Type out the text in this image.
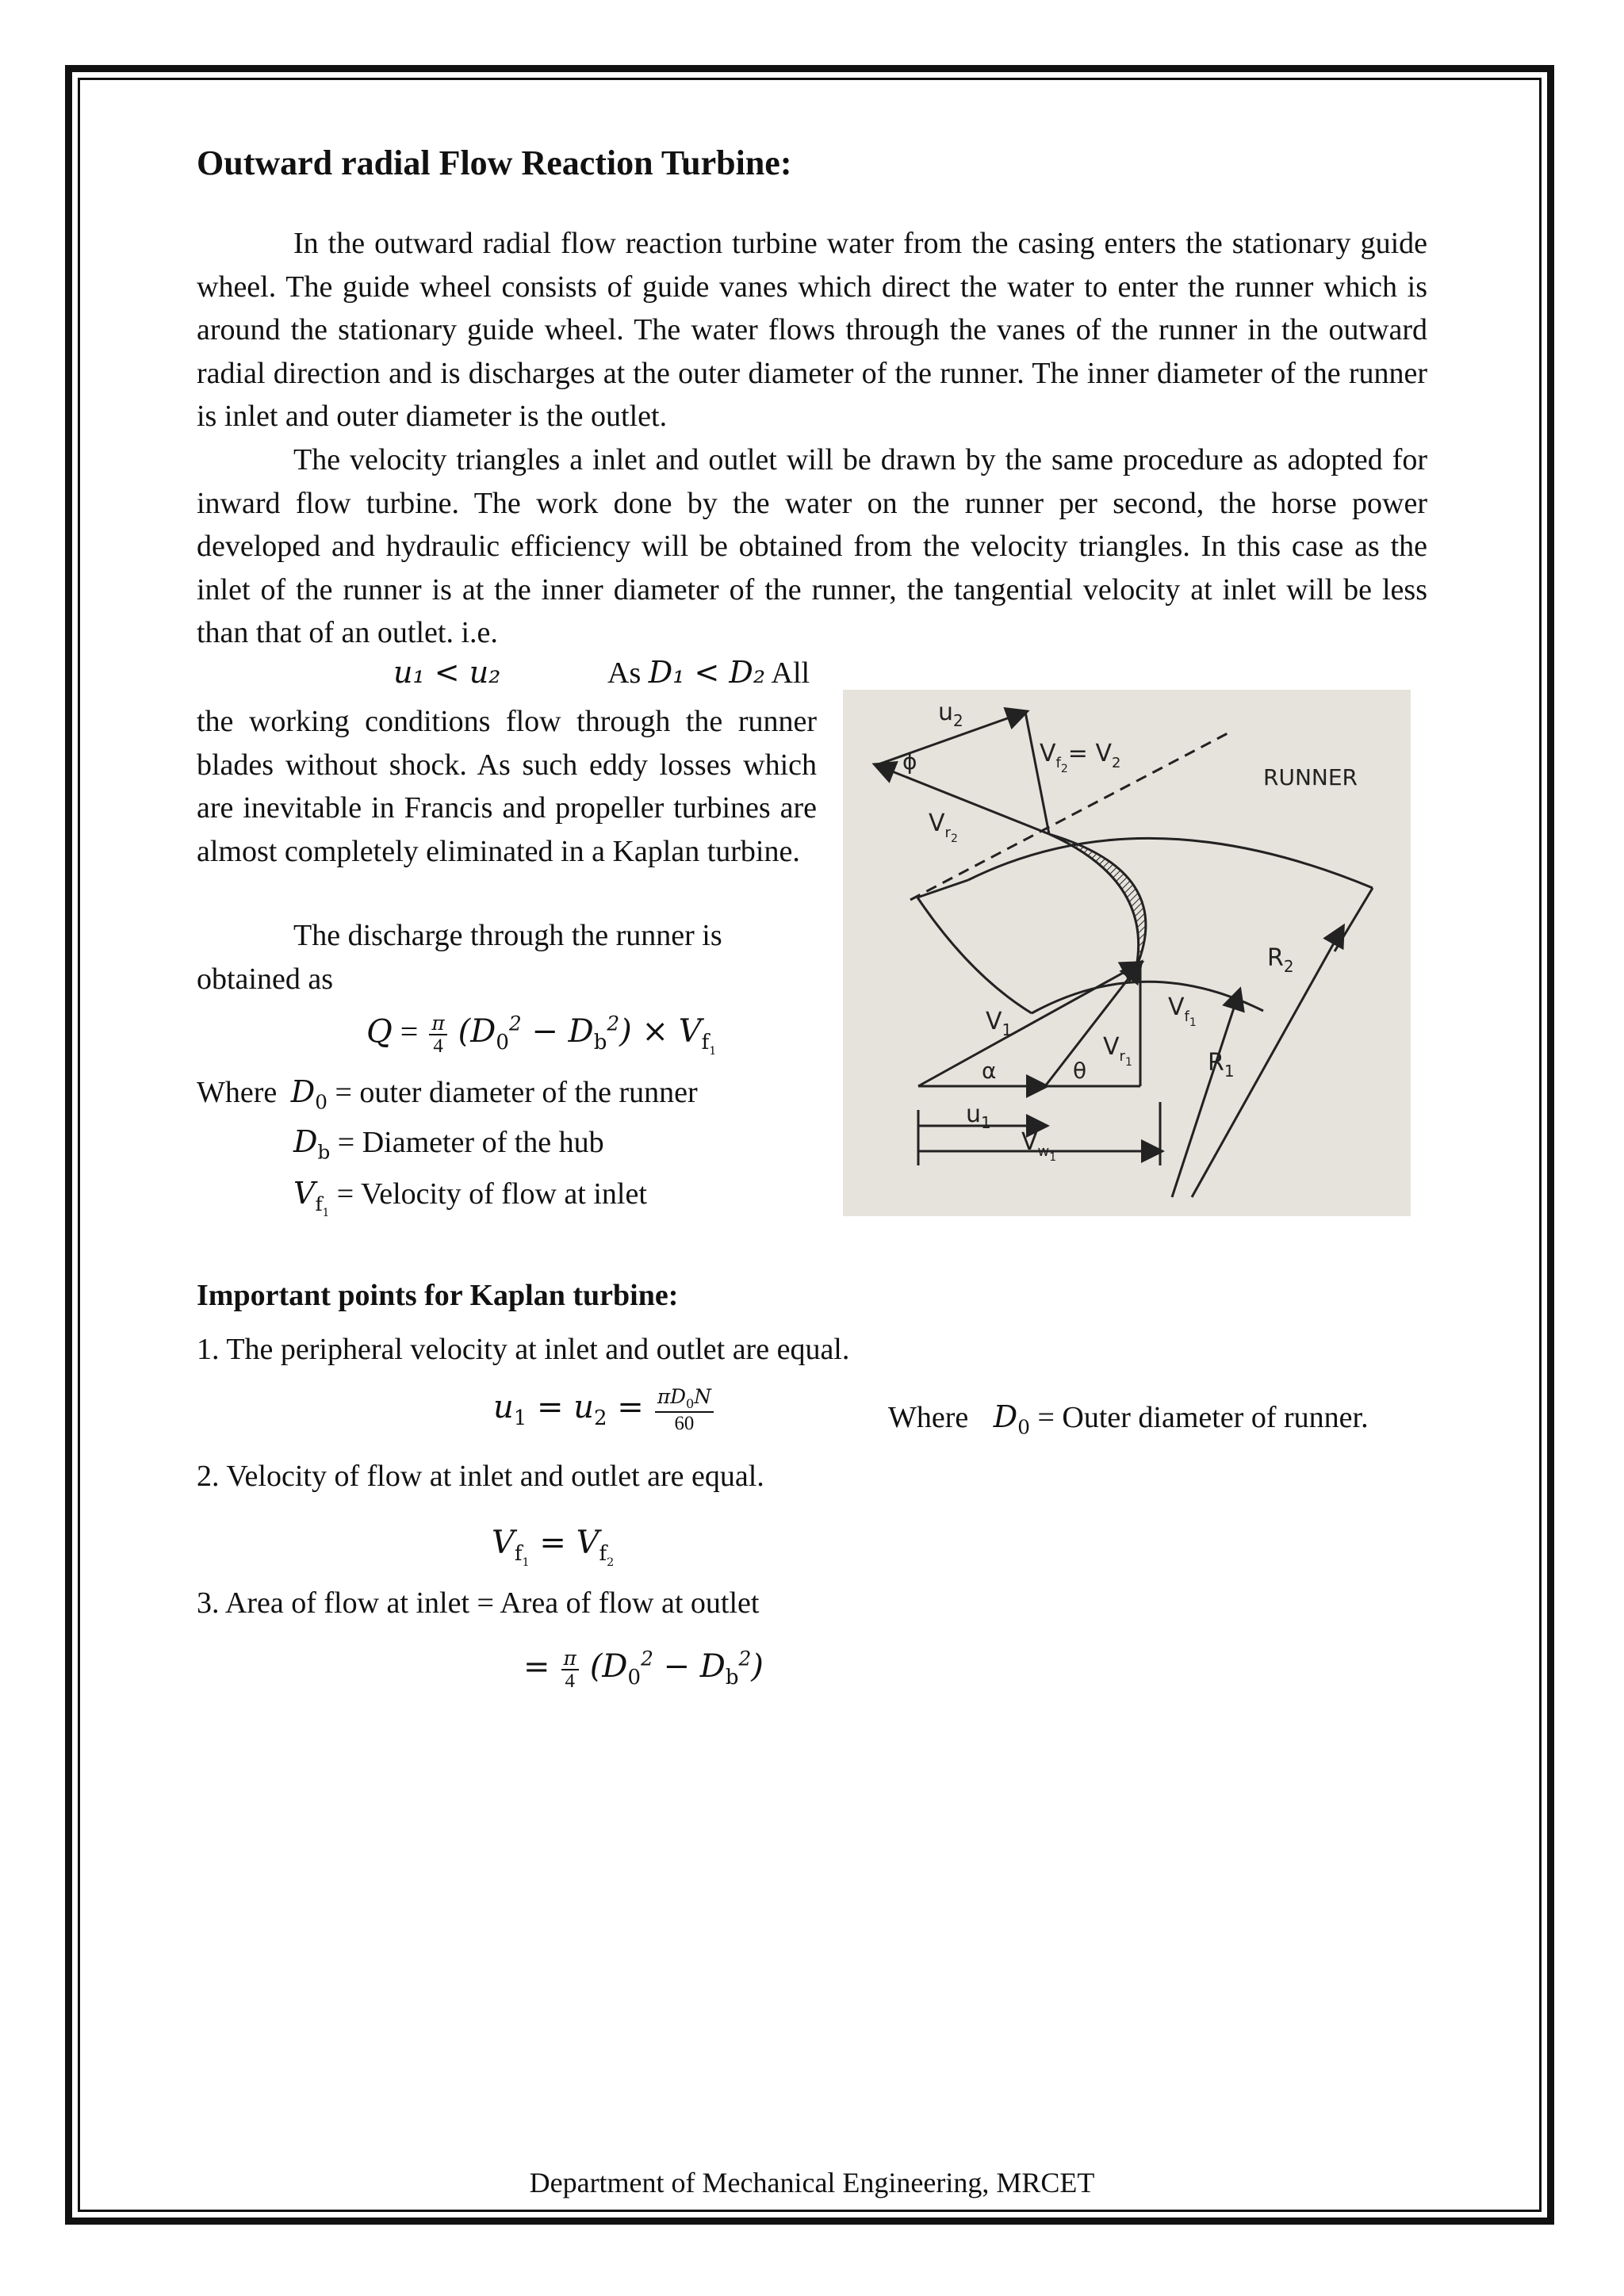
Outward radial Flow Reaction Turbine:

In the outward radial flow reaction turbine water from the casing enters the stationary guide wheel. The guide wheel consists of guide vanes which direct the water to enter the runner which is around the stationary guide wheel. The water flows through the vanes of the runner in the outward radial direction and is discharges at the outer diameter of the runner. The inner diameter of the runner is inlet and outer diameter is the outlet.

The velocity triangles a inlet and outlet will be drawn by the same procedure as adopted for inward flow turbine. The work done by the water on the runner per second, the horse power developed and hydraulic efficiency will be obtained from the velocity triangles. In this case as the inlet of the runner is at the inner diameter of the runner, the tangential velocity at inlet will be less than that of an outlet. i.e.

u₁ < u₂	As D₁ < D₂ All

the working conditions flow through the runner blades without shock. As such eddy losses which are inevitable in Francis and propeller turbines are almost completely eliminated in a Kaplan turbine.

The discharge through the runner is
obtained as
$Q = \frac{\pi}{4} (D_0^2 - D_b^2) \times V_{f_1}$
Where $D_0$ = outer diameter of the runner
$D_b$ = Diameter of the hub
$V_{f_1}$ = Velocity of flow at inlet
$u_2$
ϕ	$V_{f2}= V_2$
RUNNER
$V_{r2}$
$R_2$
$V_1$
$V_{f1}$
$V_{r1}$	$R_1$
α	θ
$u_1$
$V_{w1}$
Important points for Kaplan turbine:
1. The peripheral velocity at inlet and outlet are equal.
$u_1 = u_2 = \frac{\pi D_0N}{60}$	Where $D_0$ = Outer diameter of runner.
2. Velocity of flow at inlet and outlet are equal.
$V_{f_1} = V_{f_2}$
3. Area of flow at inlet = Area of flow at outlet
= $\frac{\pi}{4} (D_0^2 - D_b^2)$

Department of Mechanical Engineering, MRCET
